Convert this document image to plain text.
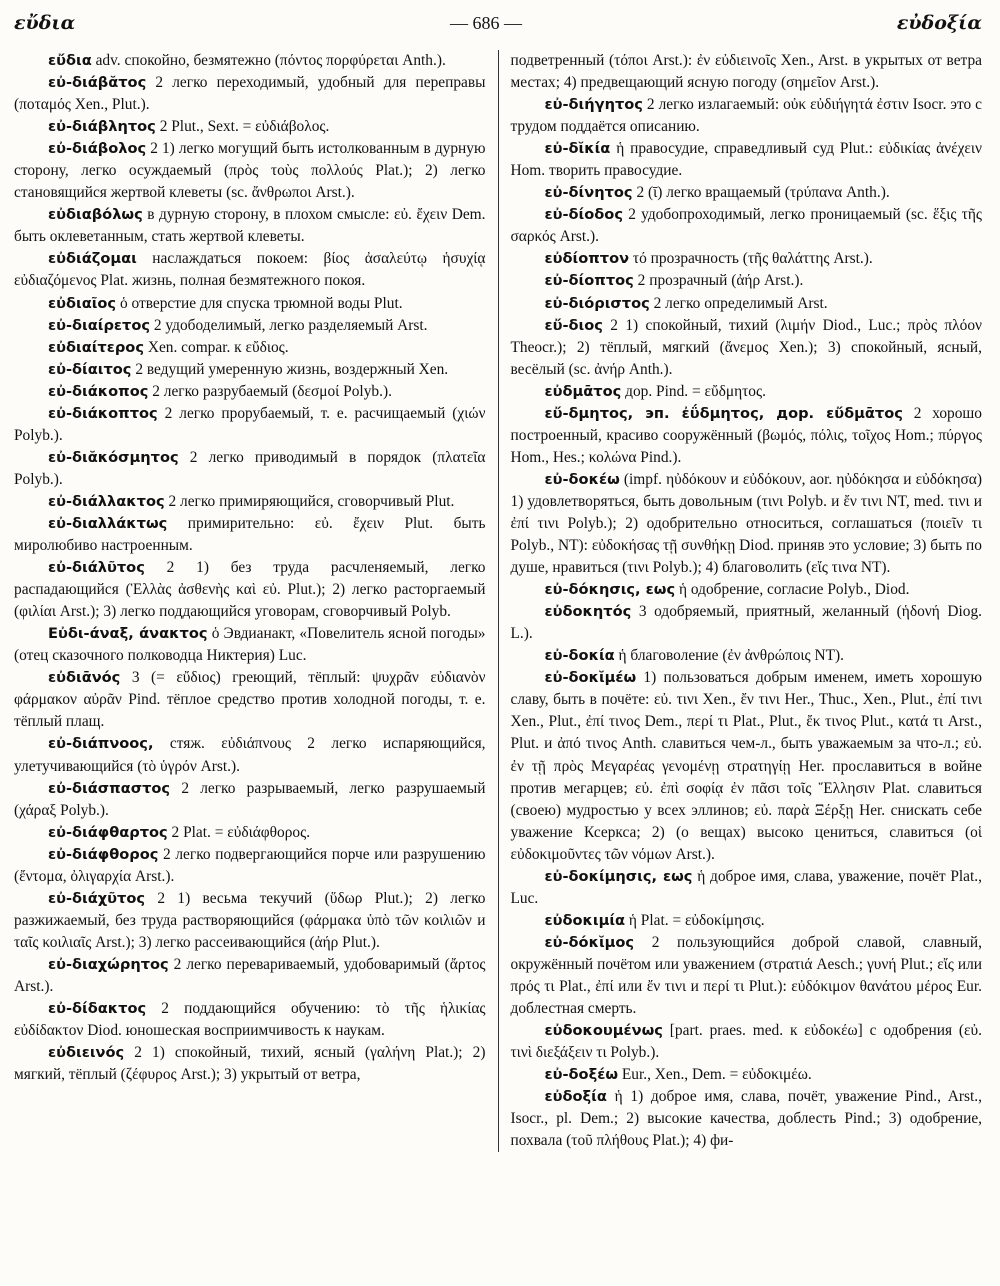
εὔδια	— 686 —	εὐδοξία

εὔδια adv. спокойно, безмятежно (πόντος πορφύρεται Anth.).

εὐ-διάβᾰτος 2 легко переходимый, удобный для переправы (ποταμός Xen., Plut.).

εὐ-διάβλητος 2 Plut., Sext. = εὐδιάβολος.

εὐ-διάβολος 2 1) легко могущий быть истолкованным в дурную сторону, легко осуждаемый (πρὸς τοὺς πολλούς Plat.); 2) легко становящийся жертвой клеветы (sc. ἄνθρωποι Arst.).

εὐδιαβόλως в дурную сторону, в плохом смысле: εὐ. ἔχειν Dem. быть оклеветанным, стать жертвой клеветы.

εὐδιάζομαι наслаждаться покоем: βίος ἀσαλεύτῳ ἡσυχίᾳ εὐδιαζόμενος Plat. жизнь, полная безмятежного покоя.

εὐδιαῖος ὁ отверстие для спуска трюмной воды Plut.

εὐ-διαίρετος 2 удободелимый, легко разделяемый Arst.

εὐδιαίτερος Xen. compar. к εὔδιος.

εὐ-δίαιτος 2 ведущий умеренную жизнь, воздержный Xen.

εὐ-διάκοπος 2 легко разрубаемый (δεσμοί Polyb.).

εὐ-διάκοπτος 2 легко прорубаемый, т. е. расчищаемый (χιών Polyb.).

εὐ-διᾰκόσμητος 2 легко приводимый в порядок (πλατεῖα Polyb.).

εὐ-διάλλακτος 2 легко примиряющийся, сговорчивый Plut.

εὐ-διαλλάκτως примирительно: εὐ. ἔχειν Plut. быть миролюбиво настроенным.

εὐ-διάλῦτος 2 1) без труда расчленяемый, легко распадающийся (Ἑλλὰς ἀσθενὴς καὶ εὐ. Plut.); 2) легко расторгаемый (φιλίαι Arst.); 3) легко поддающийся уговорам, сговорчивый Polyb.

Εὐδι-άναξ, άνακτος ὁ Эвдианакт, «Повелитель ясной погоды» (отец сказочного полководца Никтерия) Luc.

εὐδιᾱνός 3 (= εὔδιος) греющий, тёплый: ψυχρᾶν εὐδιανὸν φάρμακον αὐρᾶν Pind. тёплое средство против холодной погоды, т. е. тёплый плащ.

εὐ-διάπνοος, стяж. εὐδιάπνους 2 легко испаряющийся, улетучивающийся (τὸ ὑγρόν Arst.).

εὐ-διάσπαστος 2 легко разрываемый, легко разрушаемый (χάραξ Polyb.).

εὐ-διάφθαρτος 2 Plat. = εὐδιάφθορος.

εὐ-διάφθορος 2 легко подвергающийся порче или разрушению (ἔντομα, ὀλιγαρχία Arst.).

εὐ-διάχῦτος 2 1) весьма текучий (ὕδωρ Plut.); 2) легко разжижаемый, без труда растворяющийся (φάρμακα ὑπὸ τῶν κοιλιῶν и ταῖς κοιλιαῖς Arst.); 3) легко рассеивающийся (ἀήρ Plut.).

εὐ-διαχώρητος 2 легко перевариваемый, удобоваримый (ἄρτος Arst.).

εὐ-δίδακτος 2 поддающийся обучению: τὸ τῆς ἡλικίας εὐδίδακτον Diod. юношеская восприимчивость к наукам.

εὐδιεινός 2 1) спокойный, тихий, ясный (γαλήνη Plat.); 2) мягкий, тёплый (ζέφυρος Arst.); 3) укрытый от ветра,

подветренный (τόποι Arst.): ἐν εὐδιεινοῖς Xen., Arst. в укрытых от ветра местах; 4) предвещающий ясную погоду (σημεῖον Arst.).

εὐ-διήγητος 2 легко излагаемый: οὐκ εὐδιήγητά ἐστιν Isocr. это с трудом поддаётся описанию.

εὐ-δῐκία ἡ правосудие, справедливый суд Plut.: εὐδικίας ἀνέχειν Hom. творить правосудие.

εὐ-δίνητος 2 (ῑ) легко вращаемый (τρύπανα Anth.).

εὐ-δίοδος 2 удобопроходимый, легко проницаемый (sc. ἕξις τῆς σαρκός Arst.).

εὐδίοπτον τό прозрачность (τῆς θαλάττης Arst.).

εὐ-δίοπτος 2 прозрачный (ἀήρ Arst.).

εὐ-διόριστος 2 легко определимый Arst.

εὔ-διος 2 1) спокойный, тихий (λιμήν Diod., Luc.; πρὸς πλόον Theocr.); 2) тёплый, мягкий (ἄνεμος Xen.); 3) спокойный, ясный, весёлый (sc. ἀνήρ Anth.).

εὐδμᾱτος дор. Pind. = εὔδμητος.

εὔ-δμητος, эп. ἐΰδμητος, дор. εὔδμᾱτος 2 хорошо построенный, красиво сооружённый (βωμός, πόλις, τοῖχος Hom.; πύργος Hom., Hes.; κολώνα Pind.).

εὐ-δοκέω (impf. ηὐδόκουν и εὐδόκουν, aor. ηὐδόκησα и εὐδόκησα) 1) удовлетворяться, быть довольным (τινι Polyb. и ἔν τινι NT, med. τινι и ἐπί τινι Polyb.); 2) одобрительно относиться, соглашаться (ποιεῖν τι Polyb., NT): εὐδοκήσας τῇ συνθήκῃ Diod. приняв это условие; 3) быть по душе, нравиться (τινι Polyb.); 4) благоволить (εἴς τινα NT).

εὐ-δόκησις, εως ἡ одобрение, согласие Polyb., Diod.

εὐδοκητός 3 одобряемый, приятный, желанный (ἡδονή Diog. L.).

εὐ-δοκία ἡ благоволение (ἐν ἀνθρώποις NT).

εὐ-δοκῐμέω 1) пользоваться добрым именем, иметь хорошую славу, быть в почёте: εὐ. τινι Xen., ἔν τινι Her., Thuc., Xen., Plut., ἐπί τινι Xen., Plut., ἐπί τινος Dem., περί τι Plat., Plut., ἔκ τινος Plut., κατά τι Arst., Plut. и ἀπό τινος Anth. славиться чем-л., быть уважаемым за что-л.; εὐ. ἐν τῇ πρὸς Μεγαρέας γενομένῃ στρατηγίῃ Her. прославиться в войне против мегарцев; εὐ. ἐπὶ σοφίᾳ ἐν πᾶσι τοῖς Ἕλλησιν Plat. славиться (своею) мудростью у всех эллинов; εὐ. παρὰ Ξέρξῃ Her. снискать себе уважение Ксеркса; 2) (о вещах) высоко цениться, славиться (οἱ εὐδοκιμοῦντες τῶν νόμων Arst.).

εὐ-δοκίμησις, εως ἡ доброе имя, слава, уважение, почёт Plat., Luc.

εὐδοκιμία ἡ Plat. = εὐδοκίμησις.

εὐ-δόκῐμος 2 пользующийся доброй славой, славный, окружённый почётом или уважением (στρατιά Aesch.; γυνή Plut.; εἴς или πρός τι Plat., ἐπί или ἔν τινι и περί τι Plut.): εὐδόκιμον θανάτου μέρος Eur. доблестная смерть.

εὐδοκουμένως [part. praes. med. к εὐδοκέω] с одобрения (εὐ. τινὶ διεξάξειν τι Polyb.).

εὐ-δοξέω Eur., Xen., Dem. = εὐδοκιμέω.

εὐδοξία ἡ 1) доброе имя, слава, почёт, уважение Pind., Arst., Isocr., pl. Dem.; 2) высокие качества, доблесть Pind.; 3) одобрение, похвала (τοῦ πλήθους Plat.); 4) фи-
